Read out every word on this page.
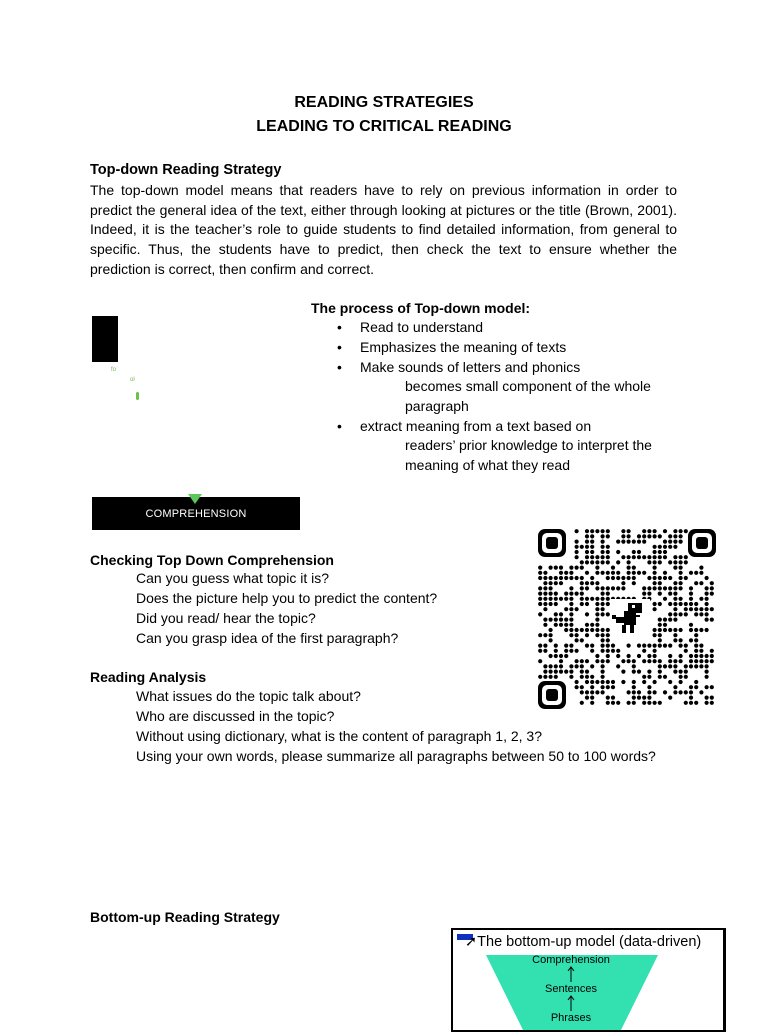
READING STRATEGIES
LEADING TO CRITICAL READING
Top-down Reading Strategy
The top-down model means that readers have to rely on previous information in order to predict the general idea of the text, either through looking at pictures or the title (Brown, 2001). Indeed, it is the teacher’s role to guide students to find detailed information, from general to specific. Thus, the students have to predict, then check the text to ensure whether the prediction is correct, then confirm and correct.
fo
ol
The process of Top-down model:
• Read to understand
• Emphasizes the meaning of texts
• Make sounds of letters and phonics
becomes small component of the whole
paragraph
• extract meaning from a text based on
readers’ prior knowledge to interpret the
meaning of what they read
COMPREHENSION
Checking Top Down Comprehension
Can you guess what topic it is?
Does the picture help you to predict the content?
Did you read/ hear the topic?
Can you grasp idea of the first paragraph?
Reading Analysis
What issues do the topic talk about?
Who are discussed in the topic?
Without using dictionary, what is the content of paragraph 1, 2, 3?
Using your own words, please summarize all paragraphs between 50 to 100 words?
Bottom-up Reading Strategy
➚The bottom-up model (data-driven)
Comprehension
Sentences
Phrases
